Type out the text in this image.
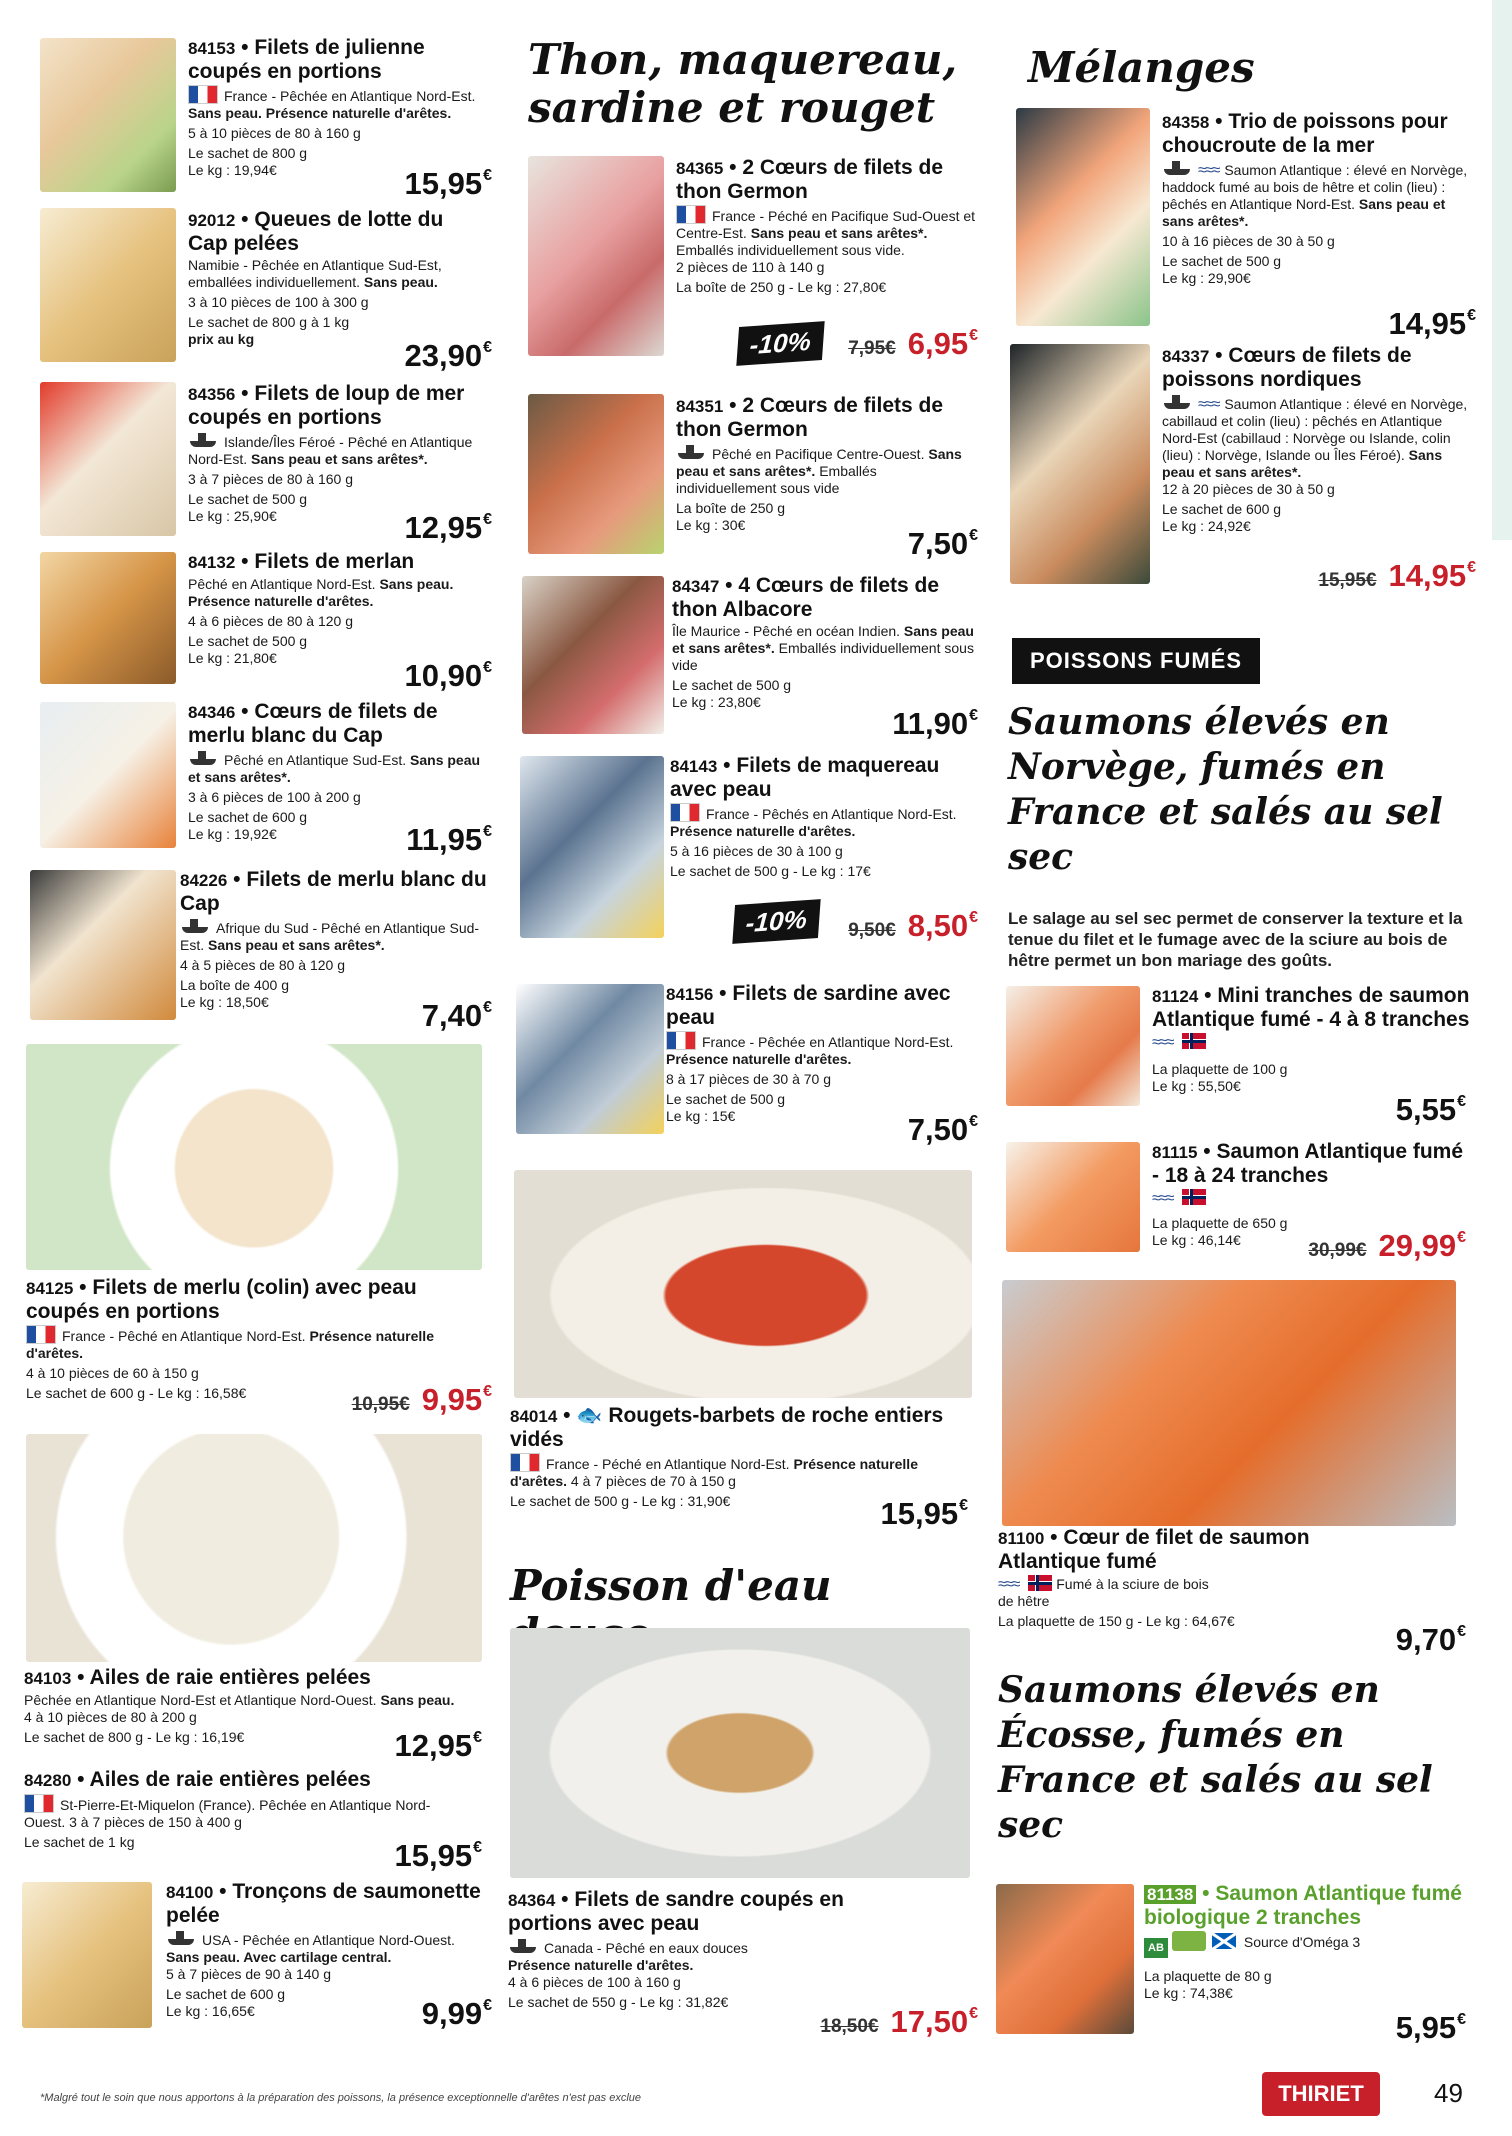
84153 • Filets de julienne coupés en portions
France - Pêchée en Atlantique Nord-Est. Sans peau. Présence naturelle d'arêtes.
5 à 10 pièces de 80 à 160 g
Le sachet de 800 g
Le kg : 19,94€	15,95€
92012 • Queues de lotte du Cap pelées
Namibie - Pêchée en Atlantique Sud-Est, emballées individuellement. Sans peau.
3 à 10 pièces de 100 à 300 g
Le sachet de 800 g à 1 kg
prix au kg	23,90€
84356 • Filets de loup de mer coupés en portions
Islande/Îles Féroé - Pêché en Atlantique Nord-Est. Sans peau et sans arêtes*.
3 à 7 pièces de 80 à 160 g
Le sachet de 500 g
Le kg : 25,90€	12,95€
84132 • Filets de merlan
Pêché en Atlantique Nord-Est. Sans peau. Présence naturelle d'arêtes.
4 à 6 pièces de 80 à 120 g
Le sachet de 500 g
Le kg : 21,80€	10,90€
84346 • Cœurs de filets de merlu blanc du Cap
Pêché en Atlantique Sud-Est. Sans peau et sans arêtes*.
3 à 6 pièces de 100 à 200 g
Le sachet de 600 g
Le kg : 19,92€	11,95€
84226 • Filets de merlu blanc du Cap
Afrique du Sud - Pêché en Atlantique Sud-Est. Sans peau et sans arêtes*.
4 à 5 pièces de 80 à 120 g
La boîte de 400 g
Le kg : 18,50€	7,40€
84125 • Filets de merlu (colin) avec peau coupés en portions
France - Pêché en Atlantique Nord-Est. Présence naturelle d'arêtes.
4 à 10 pièces de 60 à 150 g
Le sachet de 600 g - Le kg : 16,58€
10,95€ 9,95€
84103 • Ailes de raie entières pelées
Pêchée en Atlantique Nord-Est et Atlantique Nord-Ouest. Sans peau.
4 à 10 pièces de 80 à 200 g
Le sachet de 800 g - Le kg : 16,19€	12,95€
84280 • Ailes de raie entières pelées
St-Pierre-Et-Miquelon (France). Pêchée en Atlantique Nord-Ouest. 3 à 7 pièces de 150 à 400 g
Le sachet de 1 kg	15,95€
84100 • Tronçons de saumonette pelée
USA - Pêchée en Atlantique Nord-Ouest. Sans peau. Avec cartilage central.
5 à 7 pièces de 90 à 140 g
Le sachet de 600 g
Le kg : 16,65€	9,99€
Thon, maquereau, sardine et rouget
84365 • 2 Cœurs de filets de thon Germon
France - Péché en Pacifique Sud-Ouest et Centre-Est. Sans peau et sans arêtes*. Emballés individuellement sous vide.
2 pièces de 110 à 140 g
La boîte de 250 g - Le kg : 27,80€
-10%	7,95€ 6,95€
84351 • 2 Cœurs de filets de thon Germon
Pêché en Pacifique Centre-Ouest. Sans peau et sans arêtes*. Emballés individuellement sous vide
La boîte de 250 g
Le kg : 30€
7,50€
84347 • 4 Cœurs de filets de thon Albacore
Île Maurice - Pêché en océan Indien. Sans peau et sans arêtes*. Emballés individuellement sous vide
Le sachet de 500 g
Le kg : 23,80€
11,90€
84143 • Filets de maquereau avec peau
France - Pêchés en Atlantique Nord-Est. Présence naturelle d'arêtes.
5 à 16 pièces de 30 à 100 g
Le sachet de 500 g - Le kg : 17€
-10%	9,50€ 8,50€
84156 • Filets de sardine avec peau
France - Pêchée en Atlantique Nord-Est. Présence naturelle d'arêtes.
8 à 17 pièces de 30 à 70 g
Le sachet de 500 g
Le kg : 15€	7,50€
84014 • 🐟 Rougets-barbets de roche entiers vidés
France - Péché en Atlantique Nord-Est. Présence naturelle d'arêtes. 4 à 7 pièces de 70 à 150 g
Le sachet de 500 g - Le kg : 31,90€	15,95€
Poisson d'eau
84364 • Filets de sandre coupés en portions avec peau
Canada - Pêché en eaux douces
Présence naturelle d'arêtes.
4 à 6 pièces de 100 à 160 g
Le sachet de 550 g - Le kg : 31,82€
18,50€ 17,50€
Mélanges
84358 • Trio de poissons pour choucroute de la mer
≈≈≈ Saumon Atlantique : élevé en Norvège, haddock fumé au bois de hêtre et colin (lieu) : pêchés en Atlantique Nord-Est. Sans peau et sans arêtes*.
10 à 16 pièces de 30 à 50 g
Le sachet de 500 g
Le kg : 29,90€
14,95€
84337 • Cœurs de filets de poissons nordiques
≈≈≈ Saumon Atlantique : élevé en Norvège, cabillaud et colin (lieu) : pêchés en Atlantique Nord-Est (cabillaud : Norvège ou Islande, colin (lieu) : Norvège, Islande ou Îles Féroé). Sans peau et sans arêtes*.
12 à 20 pièces de 30 à 50 g
Le sachet de 600 g
Le kg : 24,92€
15,95€ 14,95€
POISSONS FUMÉS
Saumons élevés en Norvège, fumés en France et salés au sel sec
Le salage au sel sec permet de conserver la texture et la tenue du filet et le fumage avec de la sciure au bois de hêtre permet un bon mariage des goûts.
81124 • Mini tranches de saumon Atlantique fumé - 4 à 8 tranches
≈≈≈
La plaquette de 100 g
Le kg : 55,50€
5,55€
81115 • Saumon Atlantique fumé - 18 à 24 tranches
≈≈≈
La plaquette de 650 g
Le kg : 46,14€	30,99€ 29,99€
81100 • Cœur de filet de saumon Atlantique fumé
≈≈≈	Fumé à la sciure de bois de hêtre
La plaquette de 150 g - Le kg : 64,67€
9,70€
Saumons élevés en Écosse, fumés en France et salés au sel sec
81138 • Saumon Atlantique fumé biologique 2 tranches
AB	Source d'Oméga 3
La plaquette de 80 g
Le kg : 74,38€
5,95€
*Malgré tout le soin que nous apportons à la préparation des poissons, la présence exceptionnelle d'arêtes n'est pas exclue	THIRIET	49
